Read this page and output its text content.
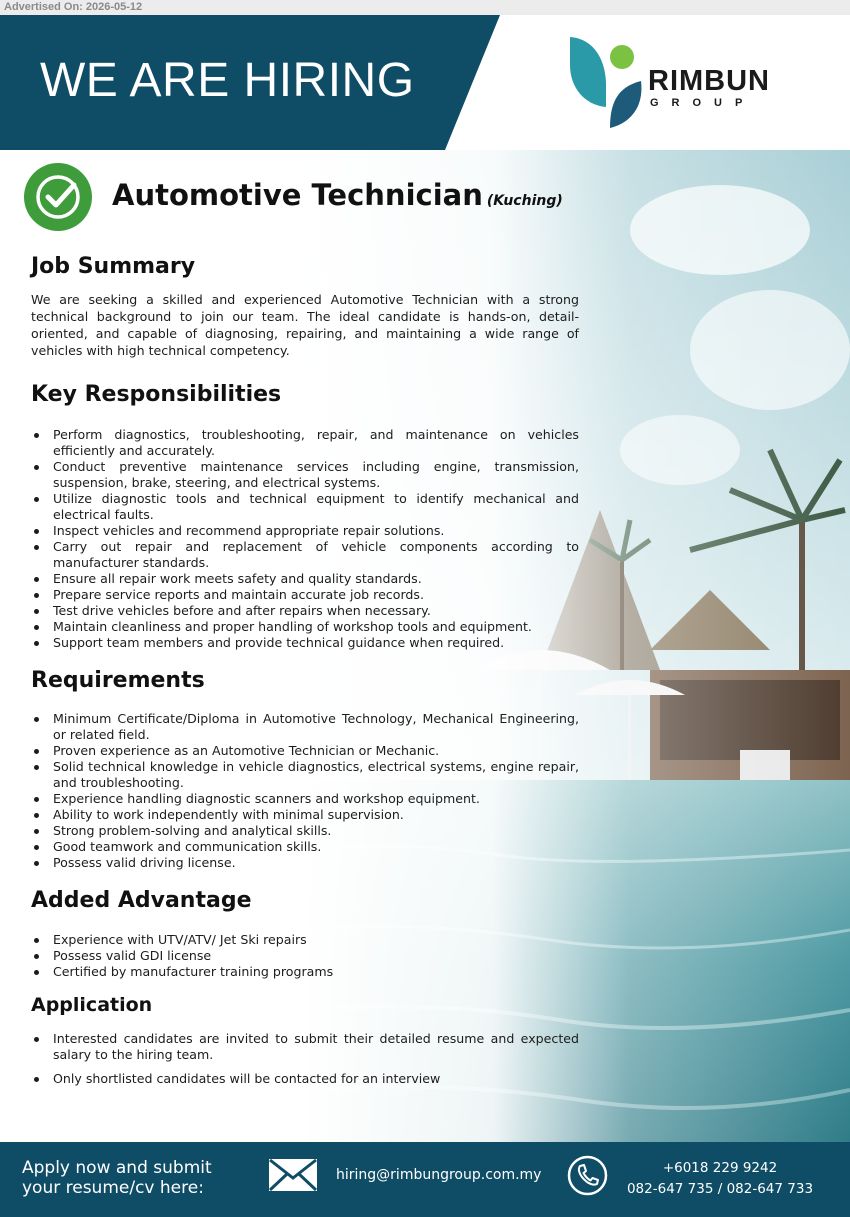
Advertised On: 2026-05-12
WE ARE HIRING	RIMBUN
GROUP
Automotive Technician (Kuching)
Job Summary
We are seeking a skilled and experienced Automotive Technician with a strong technical background to join our team. The ideal candidate is hands-on, detail-oriented, and capable of diagnosing, repairing, and maintaining a wide range of vehicles with high technical competency.
Key Responsibilities
Perform diagnostics, troubleshooting, repair, and maintenance on vehicles efficiently and accurately.
Conduct preventive maintenance services including engine, transmission, suspension, brake, steering, and electrical systems.
Utilize diagnostic tools and technical equipment to identify mechanical and electrical faults.
Inspect vehicles and recommend appropriate repair solutions.
Carry out repair and replacement of vehicle components according to manufacturer standards.
Ensure all repair work meets safety and quality standards.
Prepare service reports and maintain accurate job records.
Test drive vehicles before and after repairs when necessary.
Maintain cleanliness and proper handling of workshop tools and equipment.
Support team members and provide technical guidance when required.
Requirements
Minimum Certificate/Diploma in Automotive Technology, Mechanical Engineering, or related field.
Proven experience as an Automotive Technician or Mechanic.
Solid technical knowledge in vehicle diagnostics, electrical systems, engine repair, and troubleshooting.
Experience handling diagnostic scanners and workshop equipment.
Ability to work independently with minimal supervision.
Strong problem-solving and analytical skills.
Good teamwork and communication skills.
Possess valid driving license.
Added Advantage
Experience with UTV/ATV/ Jet Ski repairs
Possess valid GDI license
Certified by manufacturer training programs
Application
Interested candidates are invited to submit their detailed resume and expected salary to the hiring team.
Only shortlisted candidates will be contacted for an interview
Apply now and submit
your resume/cv here:
hiring@rimbungroup.com.my	+6018 229 9242
082-647 735 / 082-647 733
